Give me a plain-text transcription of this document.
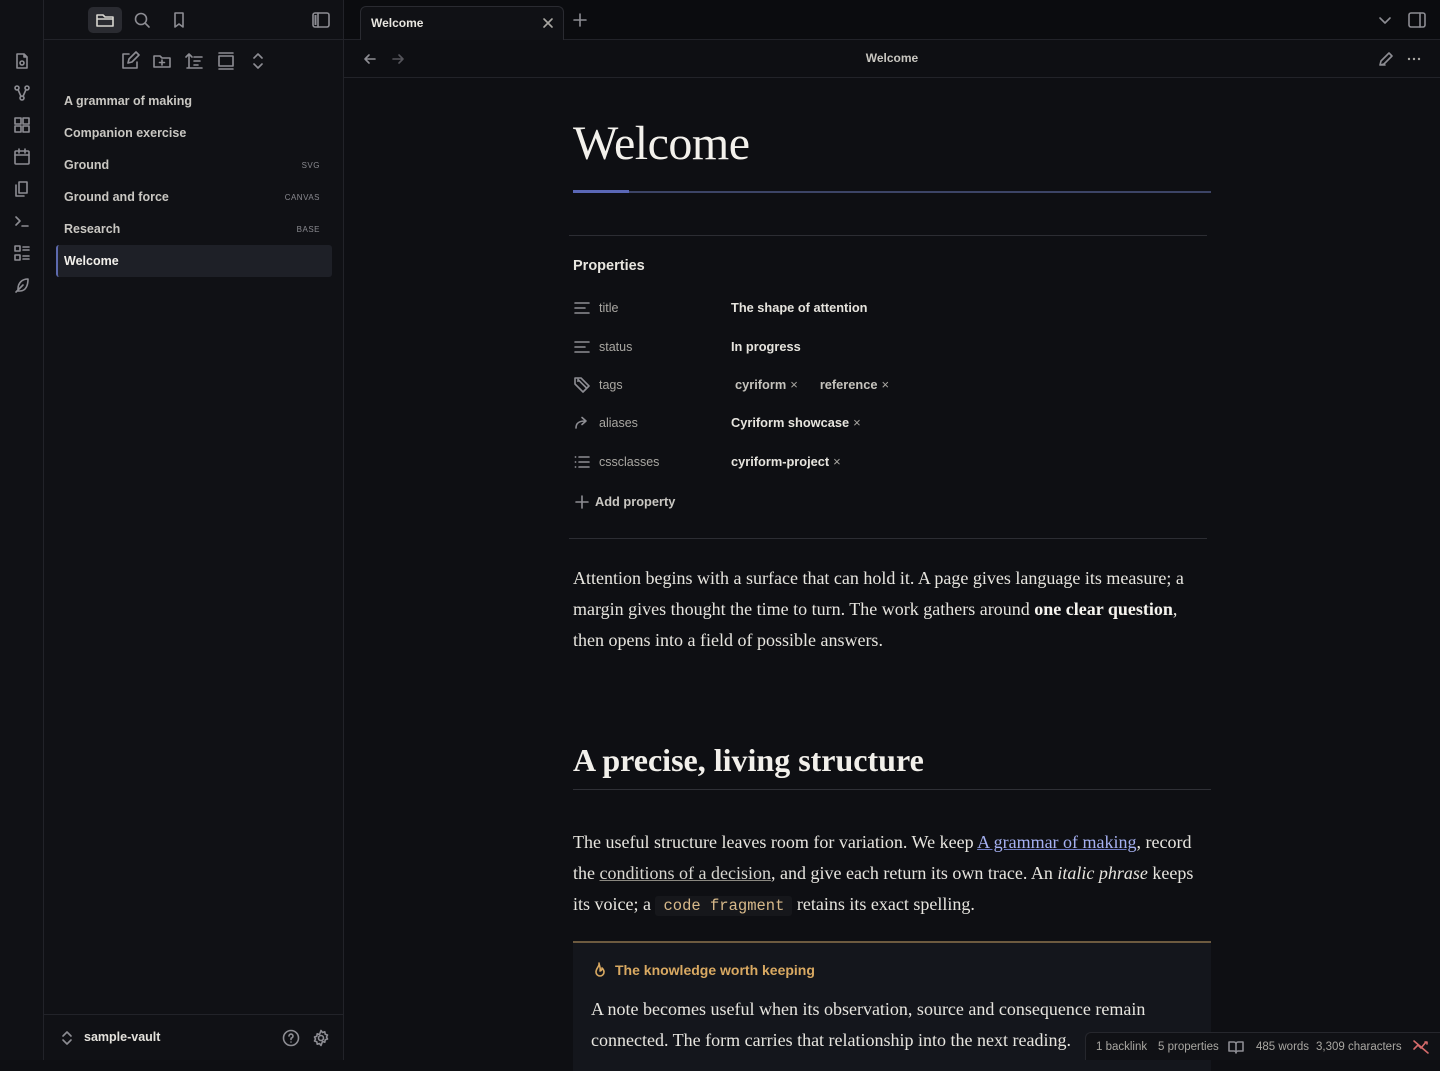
A grammar of making
Companion exercise
Ground	SVG
Ground and force	CANVAS
Research	BASE
Welcome
sample-vault
Welcome
Welcome
Welcome
Properties
title	The shape of attention
status	In progress
tags	cyriform × reference ×
aliases	Cyriform showcase ×
cssclasses	cyriform-project ×
Add property

Attention begins with a surface that can hold it. A page gives language its measure; a margin gives thought the time to turn. The work gathers around one clear question, then opens into a field of possible answers.

A precise, living structure

The useful structure leaves room for variation. We keep A grammar of making, record the conditions of a decision, and give each return its own trace. An italic phrase keeps its voice; a code fragment retains its exact spelling.

The knowledge worth keeping
A note becomes useful when its observation, source and consequence remain connected. The form carries that relationship into the next reading.
1 backlink 5 properties	485 words 3,309 characters
